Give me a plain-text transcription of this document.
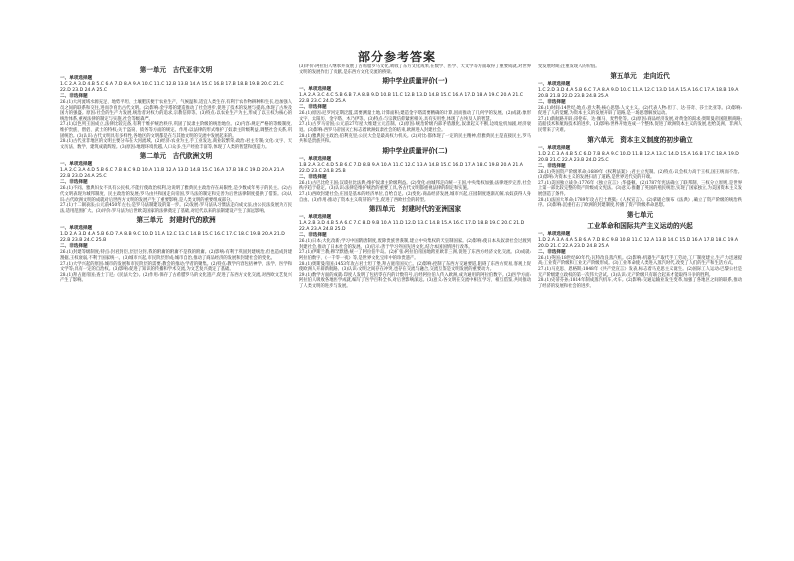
部分参考答案
第一单元　古代亚非文明
一、单项选择题
1.C 2.A 3.D 4.B 5.C 6.A 7.D 8.A 9.A 10.C 11.C 12.B 13.B 14.A 15.C 16.B 17.B 18.B 19.B 20.C 21.C 22.D 23.D 24.A 25.C
二、非选择题
26.(1)大河流域水源充足、地势平坦、土壤肥沃便于农业生产，气候温和,适宜人类生存,有利于农作物耕种和生长,也加强人员之间的联系和交往,进而孕育出古代文明。(2)影响:金字塔的建造推动了社会进步,促进了技术的发展与提高,体现了古埃及国力的强盛。原因:社会的生产力发展,统治者对权力的追求,宗教信仰等。(3)特点:以农业生产为主,形成了以王权为核心的统治体系,重视法律的制定与实施,社会等级森严。
27.(1)以色列王国成立,法律比较完备,有利于维护统治秩序,巩固了奴隶主阶级的统治地位。(2)内容:规定严格的等级制度,维护贵族、僧侣、武士的特权;关于盗窃、债务等方面的规定。作用:以法律的形式维护了奴隶主阶级利益,调整社会关系,巩固统治。(3)认识:古代文明具有多样性,各地区的文明都是在与其他文明的交流中发展起来的。
28.(1)古代亚非地区的文明主要分布在大河流域。(2)经济:农业为主,手工业发达,商业较繁荣;政治:君主专制;文化:文字、天文历法、数学、建筑成就辉煌。(3)原因:地理环境优越,人口众多,生产经验丰富等,体现了人类的智慧和创造力。
第二单元　古代欧洲文明
一、单项选择题
1.A 2.C 3.A 4.D 5.B 6.C 7.B 8.C 9.D 10.A 11.B 12.A 13.D 14.B 15.C 16.A 17.B 18.C 19.D 20.A 21.A 22.B 23.D 24.A 25.C
二、非选择题
26.(1)不同。雅典妇女不具有公民权,不能行使政治权利,这说明了雅典民主政治存在局限性,是少数成年男子的民主。(2)古代文明表现为城邦制度、民主政治的发展;罗马由共和国走向帝国,罗马法的制定和完善为后世法律制度提供了借鉴。(3)认识:古代欧洲文明的成就对后世西方文明的发展产生了重要影响,是人类文明的重要组成部分。
27.(1)十二铜表法;公元前450年左右;是罗马法制建设的第一步。(2)发展:罗马法从习惯法走向成文法,由公民法发展为万民法,适用范围扩大。(3)评价:罗马法为后世欧美国家的法律奠定了基础,对近代以来的法制建设产生了深远影响。
第三单元　封建时代的欧洲
一、单项选择题
1.D 2.A 3.D 4.A 5.B 6.D 7.A 8.B 9.C 10.D 11.A 12.C 13.C 14.B 15.C 16.C 17.C 18.C 19.B 20.A 21.D 22.B 23.B 24.C 25.B
二、非选择题
26.(1)封建等级制度;特点:封君封臣,层层分封,我的附庸的附庸不是我的附庸。(2)影响:有利于巩固封建统治,但也造成封建割据,王权衰弱,不利于国家统一。(3)城市兴起,市民阶层形成;城市自治,推动了商品经济的发展和封建社会的变化。
27.(1)大学兴起的原因:城市的发展和市民阶层的需要;教会的推动;学者的聚集。(2)特点:教学内容包括神学、法学、医学和文学等;具有一定的自治权。(3)影响:促进了知识的传播和学术交流,为文艺复兴奠定了基础。
28.(1)拜占庭帝国;查士丁尼;《民法大全》。(2)作用:保存了古希腊罗马的文化遗产,促进了东西方文化交流,对西欧文艺复兴产生了影响。
(3)评价:阿拉伯人继承并发展了古希腊罗马文化,吸收了东方文化成果,在数学、医学、天文学等方面取得了重要成就,对世界文明的发展作出了贡献,是东西方文化交流的桥梁。
期中学业质量评价(一)
一、单项选择题
1.A 2.A 3.C 4.C 5.B 6.B 7.A 8.B 9.D 10.B 11.C 12.B 13.D 14.B 15.C 16.A 17.D 18.A 19.C 20.A 21.C 22.B 23.C 24.D 25.A
二、非选择题
26.(1)原因:尼罗河定期泛滥,需要测量土地,计算面积;建造金字塔需要精确的计算,因而推动了几何学的发展。(2)成就:象形文字、太阳历、金字塔、木乃伊等。(3)特点:与宗教信仰紧密相关,具有实用性,体现了古埃及人的智慧。
27.(1)古罗马帝国;公元前27年屋大维建立元首制。(2)原因:统治阶级内部矛盾激化,奴隶起义不断,边境危机加剧,经济衰退。(3)影响:西罗马帝国灭亡标志着欧洲奴隶社会的结束,欧洲进入封建社会。
28.(1)雅典民主政治;伯利克里;公民大会是最高权力机关。(2)对比:都体现了一定的民主精神,但雅典民主是直接民主,罗马共和是贵族共和。
期中学业质量评价(二)
一、单项选择题
1.B 2.A 3.C 4.D 5.B 6.C 7.D 8.B 9.A 10.A 11.C 12.C 13.A 14.B 15.C 16.D 17.A 18.C 19.B 20.A 21.A 22.D 23.C 24.B 25.B
二、非选择题
26.(1)古巴比伦王国;汉谟拉比法典;维护奴隶主阶级利益。(2)变化:由城邦走向统一王国,中央集权加强;法律逐步完善,社会秩序趋于稳定。(3)认识:法律是维护统治的重要工具,各古代文明都重视法律的制定和实施。
27.(1)西欧封建社会;庄园是基本的经济单位,自给自足。(2)变化:商品经济发展,城市兴起,庄园制度逐渐瓦解,农奴获得人身自由。(3)作用:推动了资本主义萌芽的产生,促进了西欧社会的转型。
第四单元　封建时代的亚洲国家
一、单项选择题
1.A 2.B 3.D 4.B 5.A 6.C 7.C 8.D 9.B 10.A 11.D 12.D 13.C 14.B 15.A 16.C 17.D 18.B 19.C 20.C 21.D 22.A 23.A 24.B 25.D
二、非选择题
26.(1)日本;大化改新;学习中国隋唐制度,废除贵族世袭制,建立中央集权的天皇制国家。(2)影响:使日本从奴隶社会过渡到封建社会,推动了日本社会的发展。(3)启示:善于学习外国先进文化,结合本国国情进行改革。
27.(1)伊斯兰教;穆罕默德;统一了阿拉伯半岛。(2)扩张:阿拉伯帝国地跨亚欧非三洲,促进了东西方经济文化交流。(3)成就:阿拉伯数字、《一千零一夜》等,是世界文化宝库中的珍贵遗产。
28.(1)奥斯曼帝国;1453年攻占君士坦丁堡,拜占庭帝国灭亡。(2)影响:控制了东西方交通要道,阻碍了东西方贸易,客观上促使欧洲人开辟新航路。(3)认识:文明之间存在冲突,也存在交流与融合,交流互鉴是文明发展的重要动力。
29.(1)数学方面的成就:印度人发明了包括零在内的计数符号,后经阿拉伯人传入欧洲,成为通用的阿拉伯数字。(2)医学方面:阿拉伯人吸收各地医学成就,编写了医学百科全书,对后世影响深远。(3)意义:各文明在交流中相互学习、相互借鉴,共同推动了人类文明的进步与发展。
变发展时期;注重发现人的价值。
第五单元　走向近代
一、单项选择题
1.C 2.D 3.D 4.A 5.B 6.C 7.A 8.A 9.D 10.C 11.A 12.C 13.D 14.A 15.A 16.C 17.A 18.B 19.A 20.B 21.B 22.D 23.B 24.B 25.A
二、非选择题
26.(1)时间:14世纪;地点:意大利;核心思想:人文主义。(2)代表人物:但丁、达·芬奇、莎士比亚等。(3)影响:促进了人的觉醒,为资本主义的发展开辟了道路,是一场思想解放运动。
27.(1)新航路开辟;哥伦布、达·伽马、麦哲伦等。(2)原因:商品经济发展,对黄金的渴求;奥斯曼帝国阻断商路;造船技术和航海技术的进步。(3)影响:世界开始连成一个整体,促进了欧洲资本主义的发展,也给美洲、非洲人民带来了灾难。
第六单元　资本主义制度的初步确立
一、单项选择题
1.D 2.C 3.A 4.B 5.C 6.D 7.B 8.A 9.C 10.D 11.B 12.A 13.C 14.D 15.A 16.B 17.C 18.A 19.D 20.B 21.C 22.A 23.B 24.D 25.C
二、非选择题
26.(1)英国资产阶级革命;1689年《权利法案》;君主立宪制。(2)特点:议会权力高于王权,国王统而不治。(3)影响:为资本主义的发展扫清了道路,是世界近代史的开端。
27.(1)美国独立战争;1776年《独立宣言》;华盛顿。(2)1787年宪法确立了联邦制、三权分立原则,是世界上第一部比较完整的资产阶级成文宪法。(3)意义:推翻了英国的殖民统治,实现了国家独立,为美国资本主义发展创造了条件。
28.(1)法国大革命;1789年攻占巴士底狱;《人权宣言》。(2)拿破仑颁布《法典》,确立了资产阶级的统治秩序。(3)影响:沉重打击了欧洲的封建制度,传播了资产阶级革命思想。
第七单元
工业革命和国际共产主义运动的兴起
一、单项选择题
1.D 2.A 3.A 4.A 5.B 6.A 7.D 8.C 9.B 10.B 11.C 12.A 13.B 14.C 15.D 16.A 17.B 18.C 19.A 20.D 21.C 22.A 23.D 24.B 25.A
二、非选择题
26.(1)英国;18世纪60年代;瓦特改良蒸汽机。(2)影响:机器生产取代手工劳动,工厂制度建立,生产力迅速提高;工业资产阶级和工业无产阶级形成。(3)工业革命使人类进入蒸汽时代,改变了人们的生产和生活方式。
27.(1)马克思、恩格斯;1848年《共产党宣言》发表,标志着马克思主义诞生。(2)国际工人运动:巴黎公社是无产阶级建立政权的第一次伟大尝试。(3)认识:无产阶级只有联合起来才能取得斗争的胜利。
28.(1)史蒂芬孙;1814年制成蒸汽机车,火车。(2)影响:交通运输业发生变革,加强了各地区之间的联系,推动了经济的发展和社会的进步。
